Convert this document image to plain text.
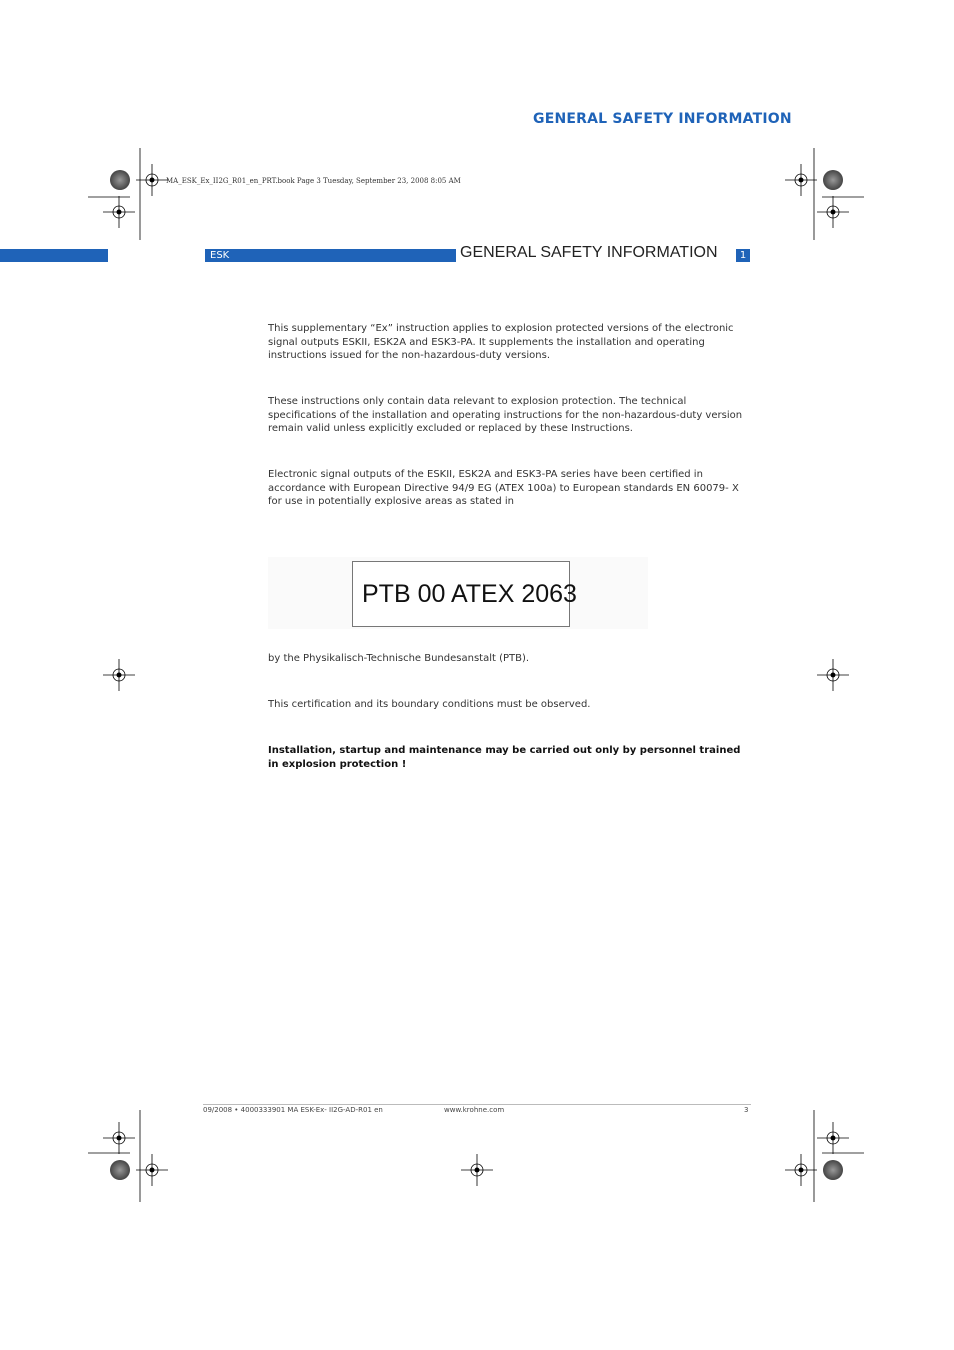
GENERAL SAFETY INFORMATION
MA_ESK_Ex_II2G_R01_en_PRT.book Page 3 Tuesday, September 23, 2008 8:05 AM
ESK	GENERAL SAFETY INFORMATION	1

This supplementary “Ex” instruction applies to explosion protected versions of the electronic signal outputs ESKII, ESK2A and ESK3-PA. It supplements the installation and operating instructions issued for the non-hazardous-duty versions.

These instructions only contain data relevant to explosion protection. The technical specifications of the installation and operating instructions for the non-hazardous-duty version remain valid unless explicitly excluded or replaced by these Instructions.

Electronic signal outputs of the ESKII, ESK2A and ESK3-PA series have been certified in accordance with European Directive 94/9 EG (ATEX 100a) to European standards EN 60079- X for use in potentially explosive areas as stated in

PTB 00 ATEX 2063

by the Physikalisch-Technische Bundesanstalt (PTB).

This certification and its boundary conditions must be observed.

Installation, startup and maintenance may be carried out only by personnel trained in explosion protection !

09/2008 • 4000333901 MA ESK-Ex- II2G-AD-R01 en	www.krohne.com	3
